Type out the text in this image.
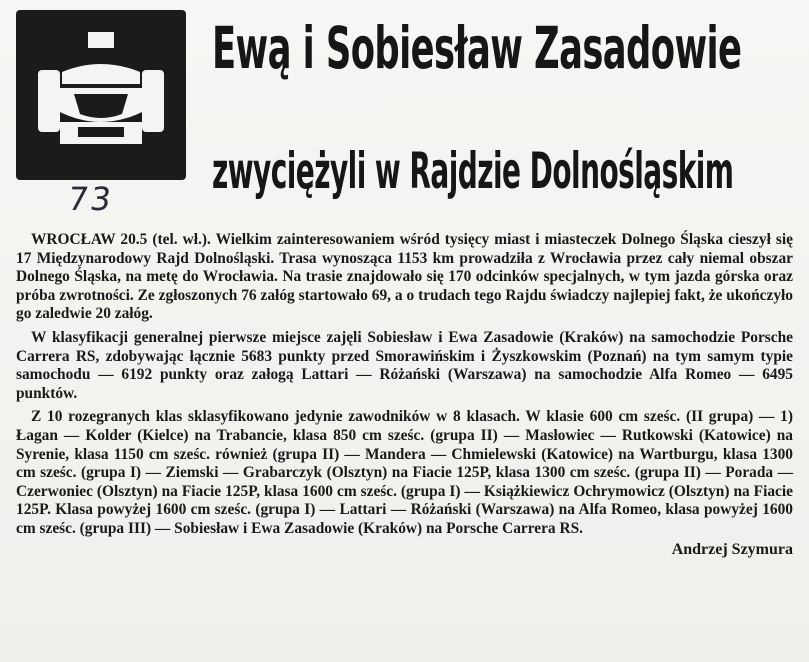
73
Ewą i Sobiesław Zasadowie
zwyciężyli w Rajdzie Dolnośląskim

WROCŁAW 20.5 (tel. wł.). Wielkim zainteresowaniem wśród tysięcy miast i miasteczek Dolnego Śląska cieszył się 17 Międzynarodowy Rajd Dolnośląski. Trasa wynosząca 1153 km prowadziła z Wrocławia przez cały niemal obszar Dolnego Śląska, na metę do Wrocławia. Na trasie znajdowało się 170 odcinków specjalnych, w tym jazda górska oraz próba zwrotności. Ze zgłoszonych 76 załóg startowało 69, a o trudach tego Rajdu świadczy najlepiej fakt, że ukończyło go zaledwie 20 załóg.

W klasyfikacji generalnej pierwsze miejsce zajęli Sobiesław i Ewa Zasadowie (Kraków) na samochodzie Porsche Carrera RS, zdobywając łącznie 5683 punkty przed Smorawińskim i Żyszkowskim (Poznań) na tym samym typie samochodu — 6192 punkty oraz załogą Lattari — Różański (Warszawa) na samochodzie Alfa Romeo — 6495 punktów.

Z 10 rozegranych klas sklasyfikowano jedynie zawodników w 8 klasach. W klasie 600 cm sześc. (II grupa) — 1) Łagan — Kolder (Kielce) na Trabancie, klasa 850 cm sześc. (grupa II) — Masłowiec — Rutkowski (Katowice) na Syrenie, klasa 1150 cm sześc. również (grupa II) — Mandera — Chmielewski (Katowice) na Wartburgu, klasa 1300 cm sześc. (grupa I) — Ziemski — Grabarczyk (Olsztyn) na Fiacie 125P, klasa 1300 cm sześc. (grupa II) — Porada — Czerwoniec (Olsztyn) na Fiacie 125P, klasa 1600 cm sześc. (grupa I) — Książkiewicz Ochrymowicz (Olsztyn) na Fiacie 125P. Klasa powyżej 1600 cm sześc. (grupa I) — Lattari — Różański (Warszawa) na Alfa Romeo, klasa powyżej 1600 cm sześc. (grupa III) — Sobiesław i Ewa Zasadowie (Kraków) na Porsche Carrera RS.

Andrzej Szymura
